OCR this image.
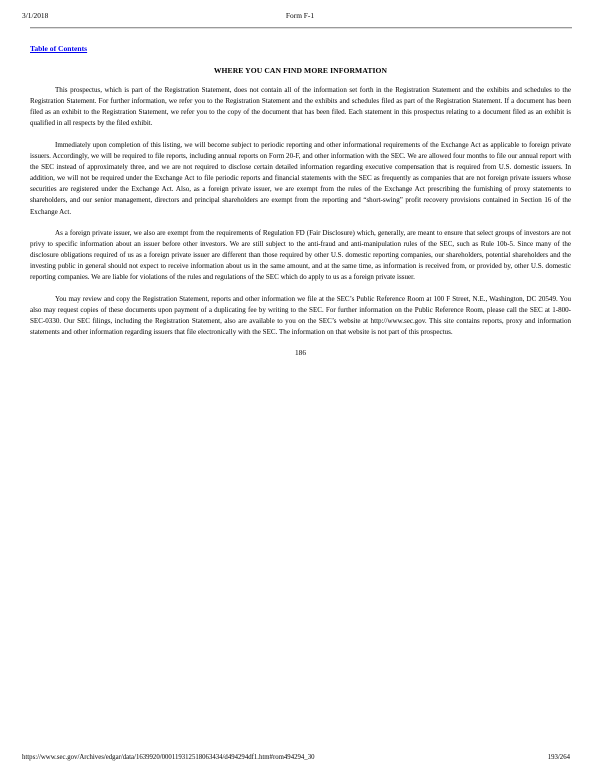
3/1/2018	Form F-1
Table of Contents
WHERE YOU CAN FIND MORE INFORMATION

This prospectus, which is part of the Registration Statement, does not contain all of the information set forth in the Registration Statement and the exhibits and schedules to the Registration Statement. For further information, we refer you to the Registration Statement and the exhibits and schedules filed as part of the Registration Statement. If a document has been filed as an exhibit to the Registration Statement, we refer you to the copy of the document that has been filed. Each statement in this prospectus relating to a document filed as an exhibit is qualified in all respects by the filed exhibit.

Immediately upon completion of this listing, we will become subject to periodic reporting and other informational requirements of the Exchange Act as applicable to foreign private issuers. Accordingly, we will be required to file reports, including annual reports on Form 20-F, and other information with the SEC. We are allowed four months to file our annual report with the SEC instead of approximately three, and we are not required to disclose certain detailed information regarding executive compensation that is required from U.S. domestic issuers. In addition, we will not be required under the Exchange Act to file periodic reports and financial statements with the SEC as frequently as companies that are not foreign private issuers whose securities are registered under the Exchange Act. Also, as a foreign private issuer, we are exempt from the rules of the Exchange Act prescribing the furnishing of proxy statements to shareholders, and our senior management, directors and principal shareholders are exempt from the reporting and “short-swing” profit recovery provisions contained in Section 16 of the Exchange Act.

As a foreign private issuer, we also are exempt from the requirements of Regulation FD (Fair Disclosure) which, generally, are meant to ensure that select groups of investors are not privy to specific information about an issuer before other investors. We are still subject to the anti-fraud and anti-manipulation rules of the SEC, such as Rule 10b-5. Since many of the disclosure obligations required of us as a foreign private issuer are different than those required by other U.S. domestic reporting companies, our shareholders, potential shareholders and the investing public in general should not expect to receive information about us in the same amount, and at the same time, as information is received from, or provided by, other U.S. domestic reporting companies. We are liable for violations of the rules and regulations of the SEC which do apply to us as a foreign private issuer.

You may review and copy the Registration Statement, reports and other information we file at the SEC’s Public Reference Room at 100 F Street, N.E., Washington, DC 20549. You also may request copies of these documents upon payment of a duplicating fee by writing to the SEC. For further information on the Public Reference Room, please call the SEC at 1-800-SEC-0330. Our SEC filings, including the Registration Statement, also are available to you on the SEC’s website at http://www.sec.gov. This site contains reports, proxy and information statements and other information regarding issuers that file electronically with the SEC. The information on that website is not part of this prospectus.

186
https://www.sec.gov/Archives/edgar/data/1639920/000119312518063434/d494294df1.htm#rom494294_30	193/264
